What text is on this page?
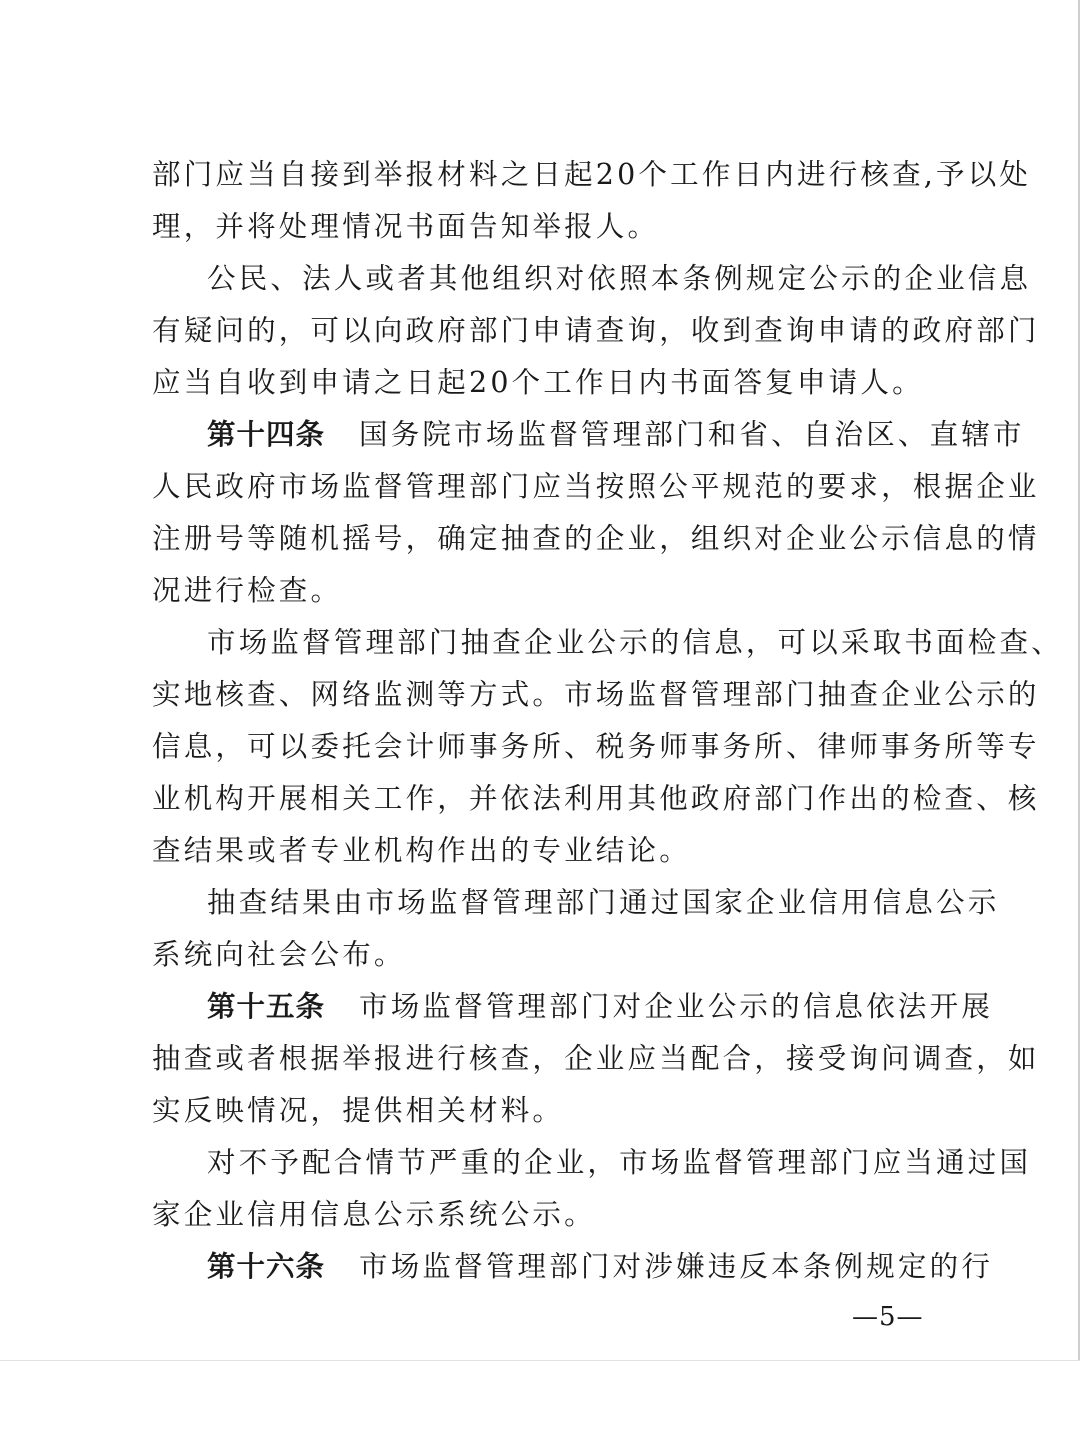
部门应当自接到举报材料之日起20个工作日内进行核查,予以处
理，并将处理情况书面告知举报人。
公民、法人或者其他组织对依照本条例规定公示的企业信息
有疑问的，可以向政府部门申请查询，收到查询申请的政府部门
应当自收到申请之日起20个工作日内书面答复申请人。
第十四条 国务院市场监督管理部门和省、自治区、直辖市
人民政府市场监督管理部门应当按照公平规范的要求，根据企业
注册号等随机摇号，确定抽查的企业，组织对企业公示信息的情
况进行检查。
市场监督管理部门抽查企业公示的信息，可以采取书面检查、
实地核查、网络监测等方式。市场监督管理部门抽查企业公示的
信息，可以委托会计师事务所、税务师事务所、律师事务所等专
业机构开展相关工作，并依法利用其他政府部门作出的检查、核
查结果或者专业机构作出的专业结论。
抽查结果由市场监督管理部门通过国家企业信用信息公示
系统向社会公布。
第十五条 市场监督管理部门对企业公示的信息依法开展
抽查或者根据举报进行核查，企业应当配合，接受询问调查，如
实反映情况，提供相关材料。
对不予配合情节严重的企业，市场监督管理部门应当通过国
家企业信用信息公示系统公示。
第十六条 市场监督管理部门对涉嫌违反本条例规定的行
—5—
